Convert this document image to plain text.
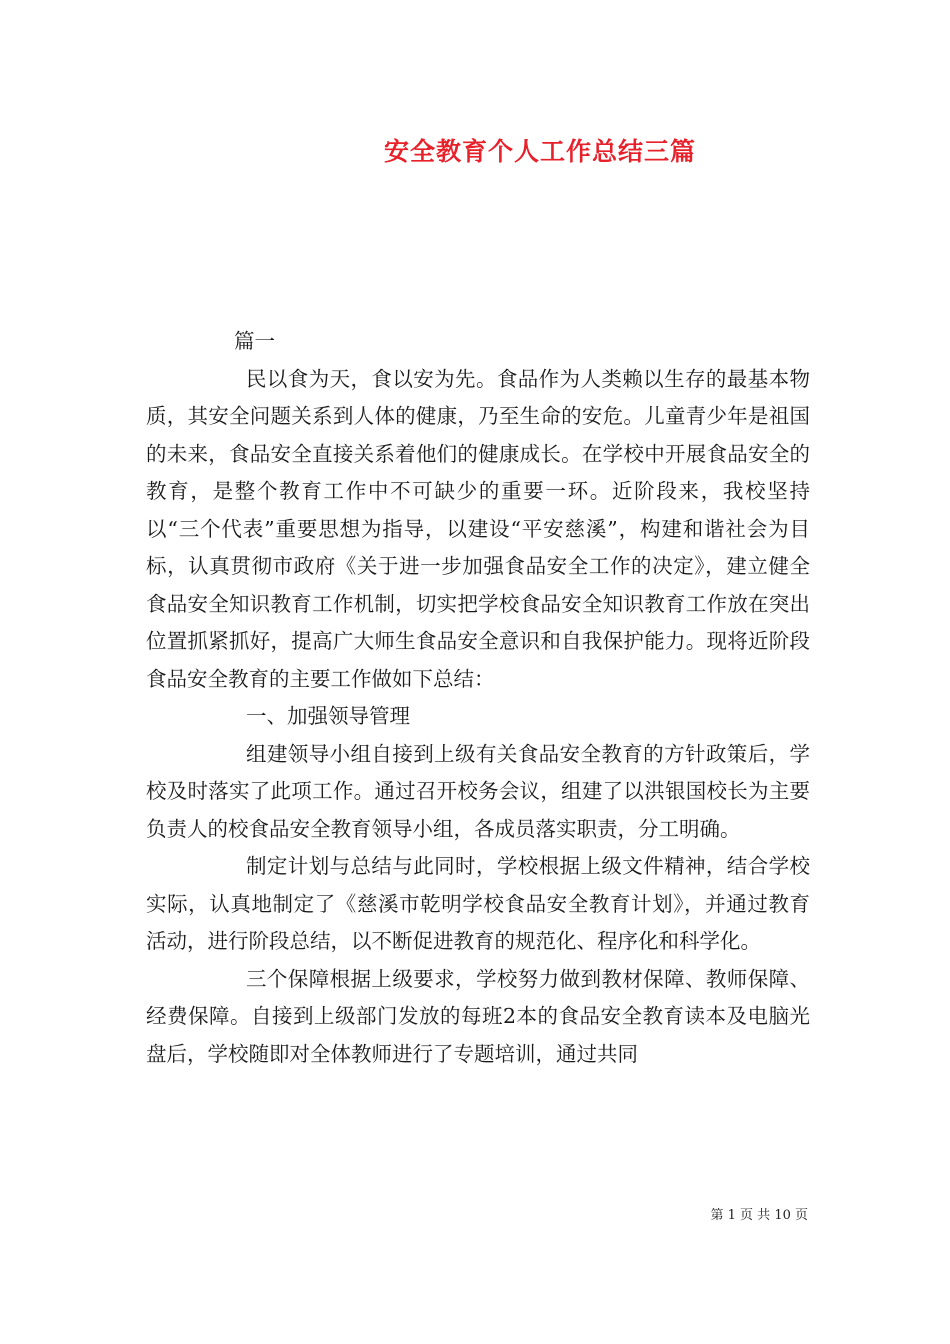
安全教育个人工作总结三篇

篇一

民以食为天，食以安为先。食品作为人类赖以生存的最基本物质，其安全问题关系到人体的健康，乃至生命的安危。儿童青少年是祖国的未来，食品安全直接关系着他们的健康成长。在学校中开展食品安全的教育，是整个教育工作中不可缺少的重要一环。近阶段来，我校坚持以“三个代表”重要思想为指导，以建设“平安慈溪”，构建和谐社会为目标，认真贯彻市政府《关于进一步加强食品安全工作的决定》，建立健全食品安全知识教育工作机制，切实把学校食品安全知识教育工作放在突出位置抓紧抓好，提高广大师生食品安全意识和自我保护能力。现将近阶段食品安全教育的主要工作做如下总结：

一、加强领导管理

组建领导小组自接到上级有关食品安全教育的方针政策后，学校及时落实了此项工作。通过召开校务会议，组建了以洪银国校长为主要负责人的校食品安全教育领导小组，各成员落实职责，分工明确。

制定计划与总结与此同时，学校根据上级文件精神，结合学校实际，认真地制定了《慈溪市乾明学校食品安全教育计划》，并通过教育活动，进行阶段总结，以不断促进教育的规范化、程序化和科学化。

三个保障根据上级要求，学校努力做到教材保障、教师保障、经费保障。自接到上级部门发放的每班2本的食品安全教育读本及电脑光盘后，学校随即对全体教师进行了专题培训，通过共同

第 1 页 共 10 页
